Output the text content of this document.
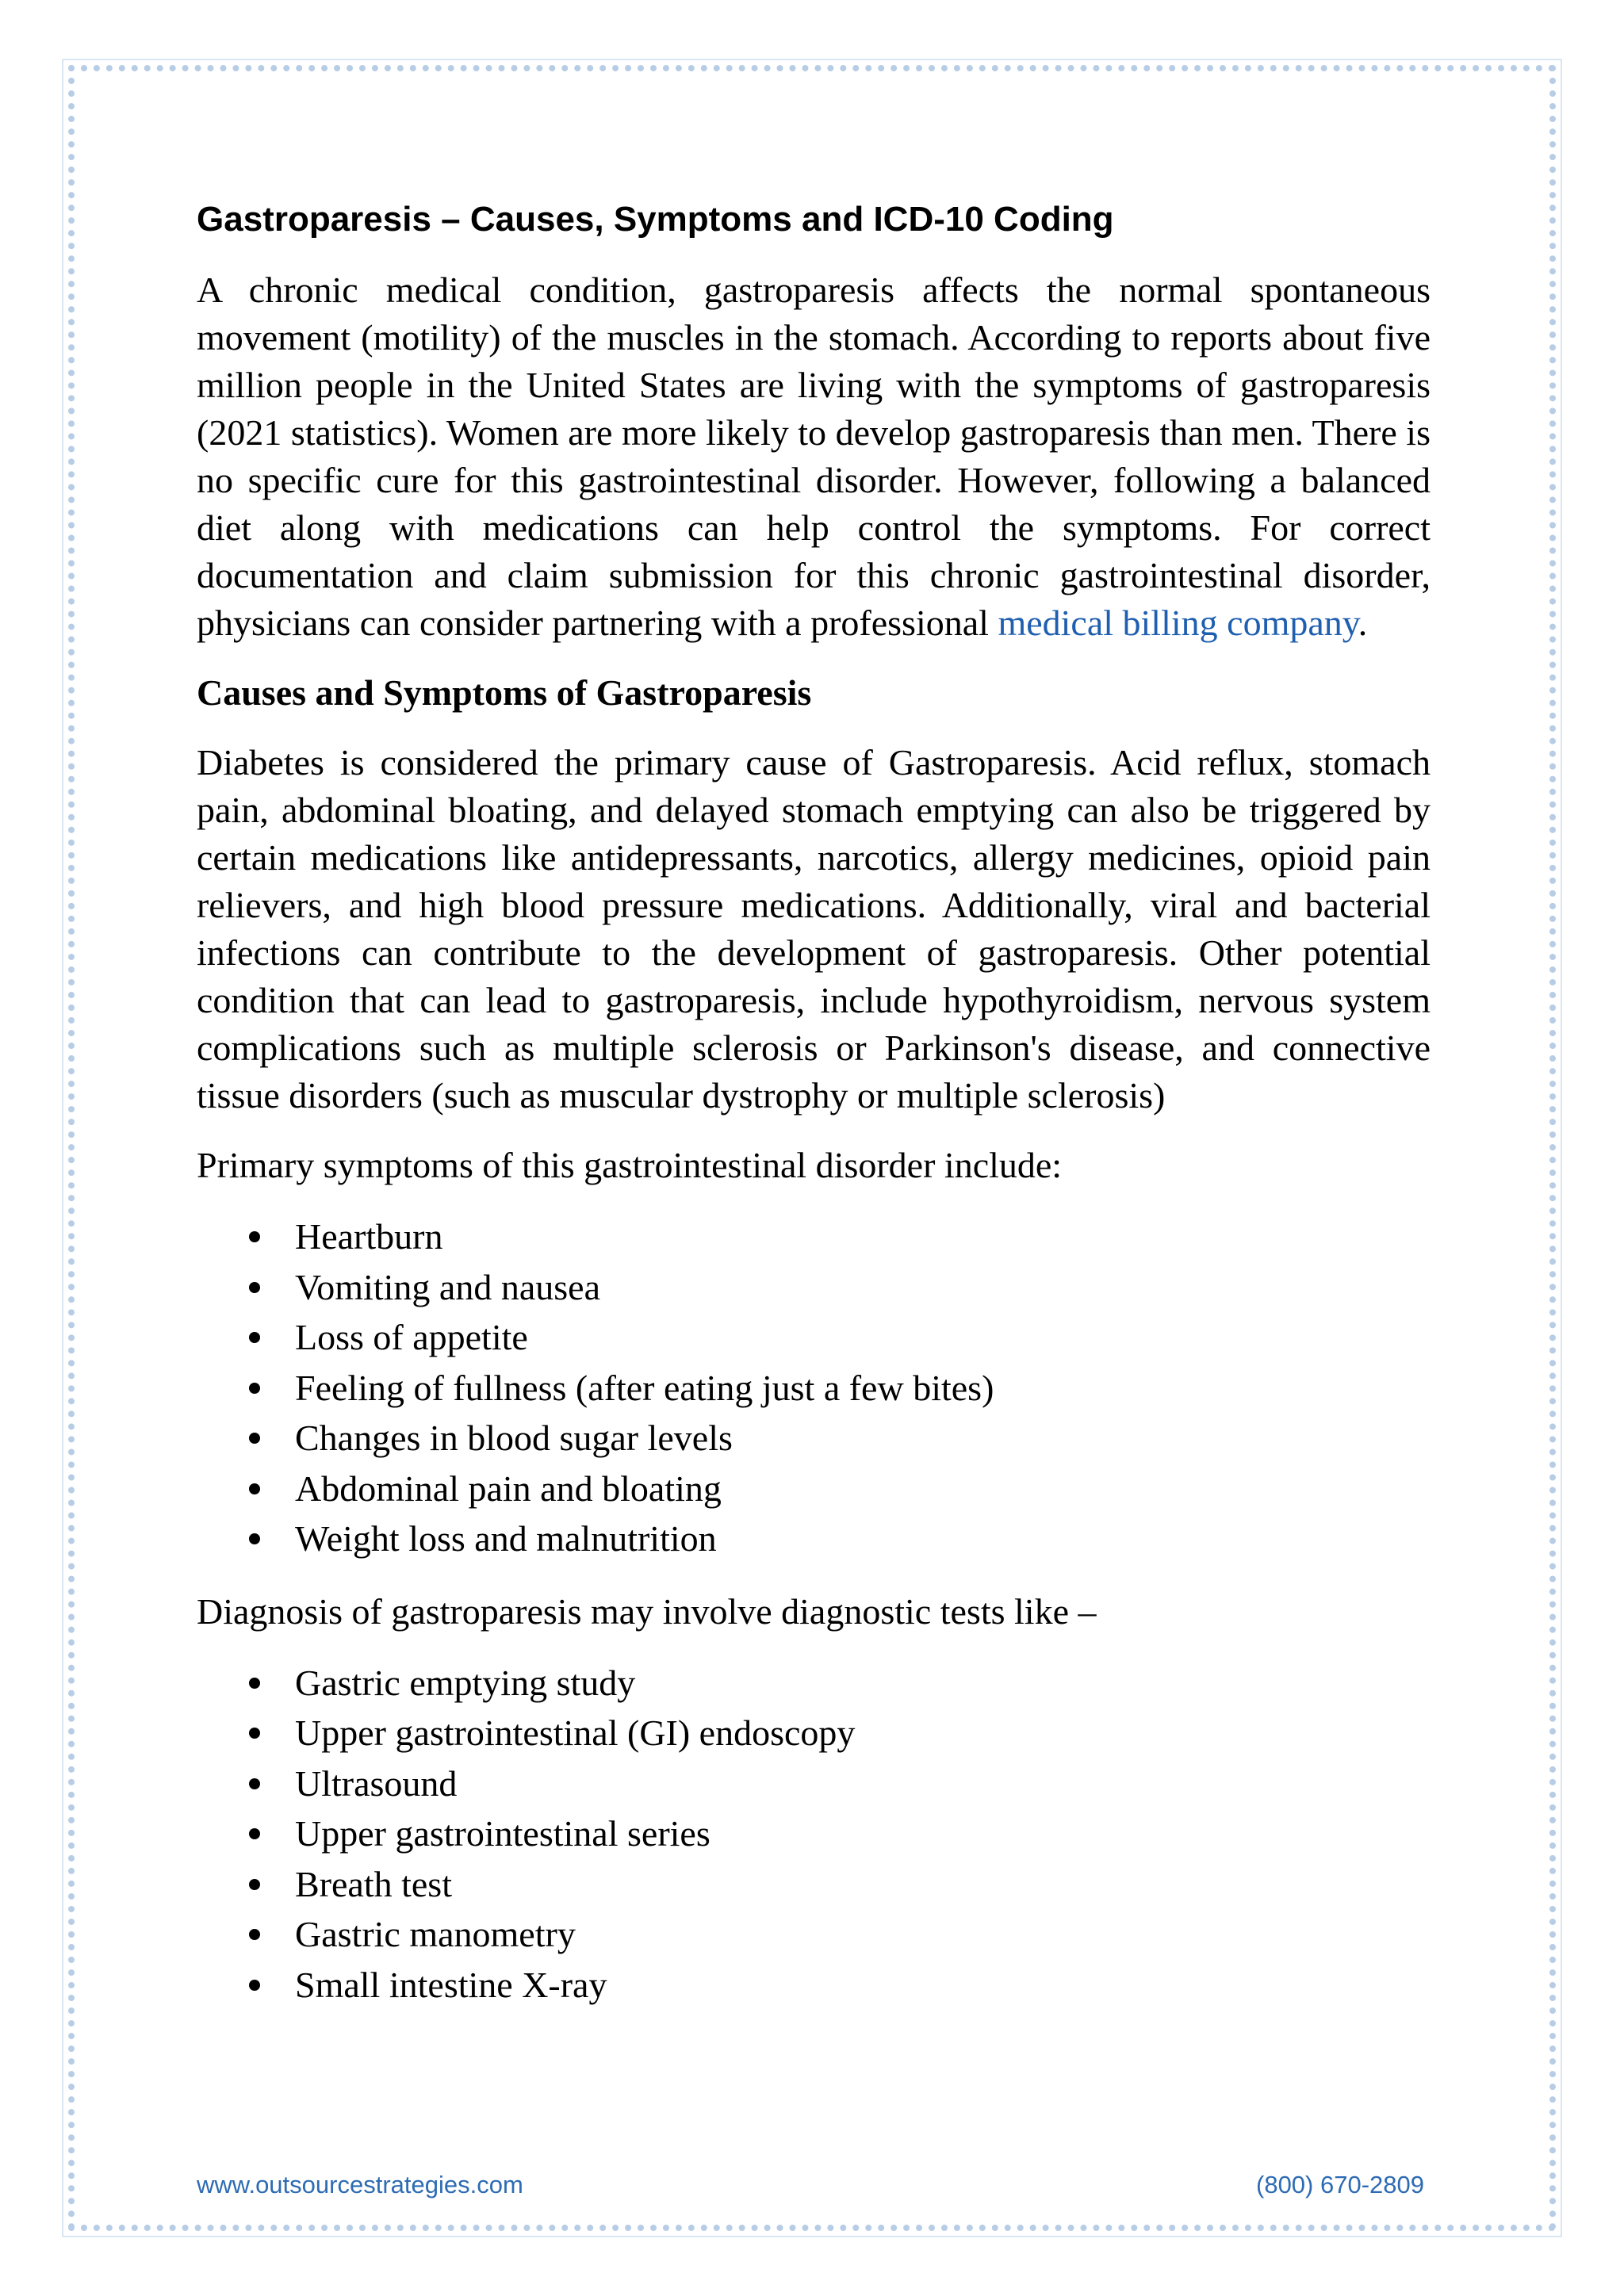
Gastroparesis – Causes, Symptoms and ICD-10 Coding

A chronic medical condition, gastroparesis affects the normal spontaneous movement (motility) of the muscles in the stomach. According to reports about five million people in the United States are living with the symptoms of gastroparesis (2021 statistics). Women are more likely to develop gastroparesis than men. There is no specific cure for this gastrointestinal disorder. However, following a balanced diet along with medications can help control the symptoms. For correct documentation and claim submission for this chronic gastrointestinal disorder, physicians can consider partnering with a professional medical billing company.

Causes and Symptoms of Gastroparesis

Diabetes is considered the primary cause of Gastroparesis. Acid reflux, stomach pain, abdominal bloating, and delayed stomach emptying can also be triggered by certain medications like antidepressants, narcotics, allergy medicines, opioid pain relievers, and high blood pressure medications. Additionally, viral and bacterial infections can contribute to the development of gastroparesis. Other potential condition that can lead to gastroparesis, include hypothyroidism, nervous system complications such as multiple sclerosis or Parkinson's disease, and connective tissue disorders (such as muscular dystrophy or multiple sclerosis)

Primary symptoms of this gastrointestinal disorder include:

Heartburn
Vomiting and nausea
Loss of appetite
Feeling of fullness (after eating just a few bites)
Changes in blood sugar levels
Abdominal pain and bloating
Weight loss and malnutrition

Diagnosis of gastroparesis may involve diagnostic tests like –

Gastric emptying study
Upper gastrointestinal (GI) endoscopy
Ultrasound
Upper gastrointestinal series
Breath test
Gastric manometry
Small intestine X-ray
www.outsourcestrategies.com	(800) 670-2809
